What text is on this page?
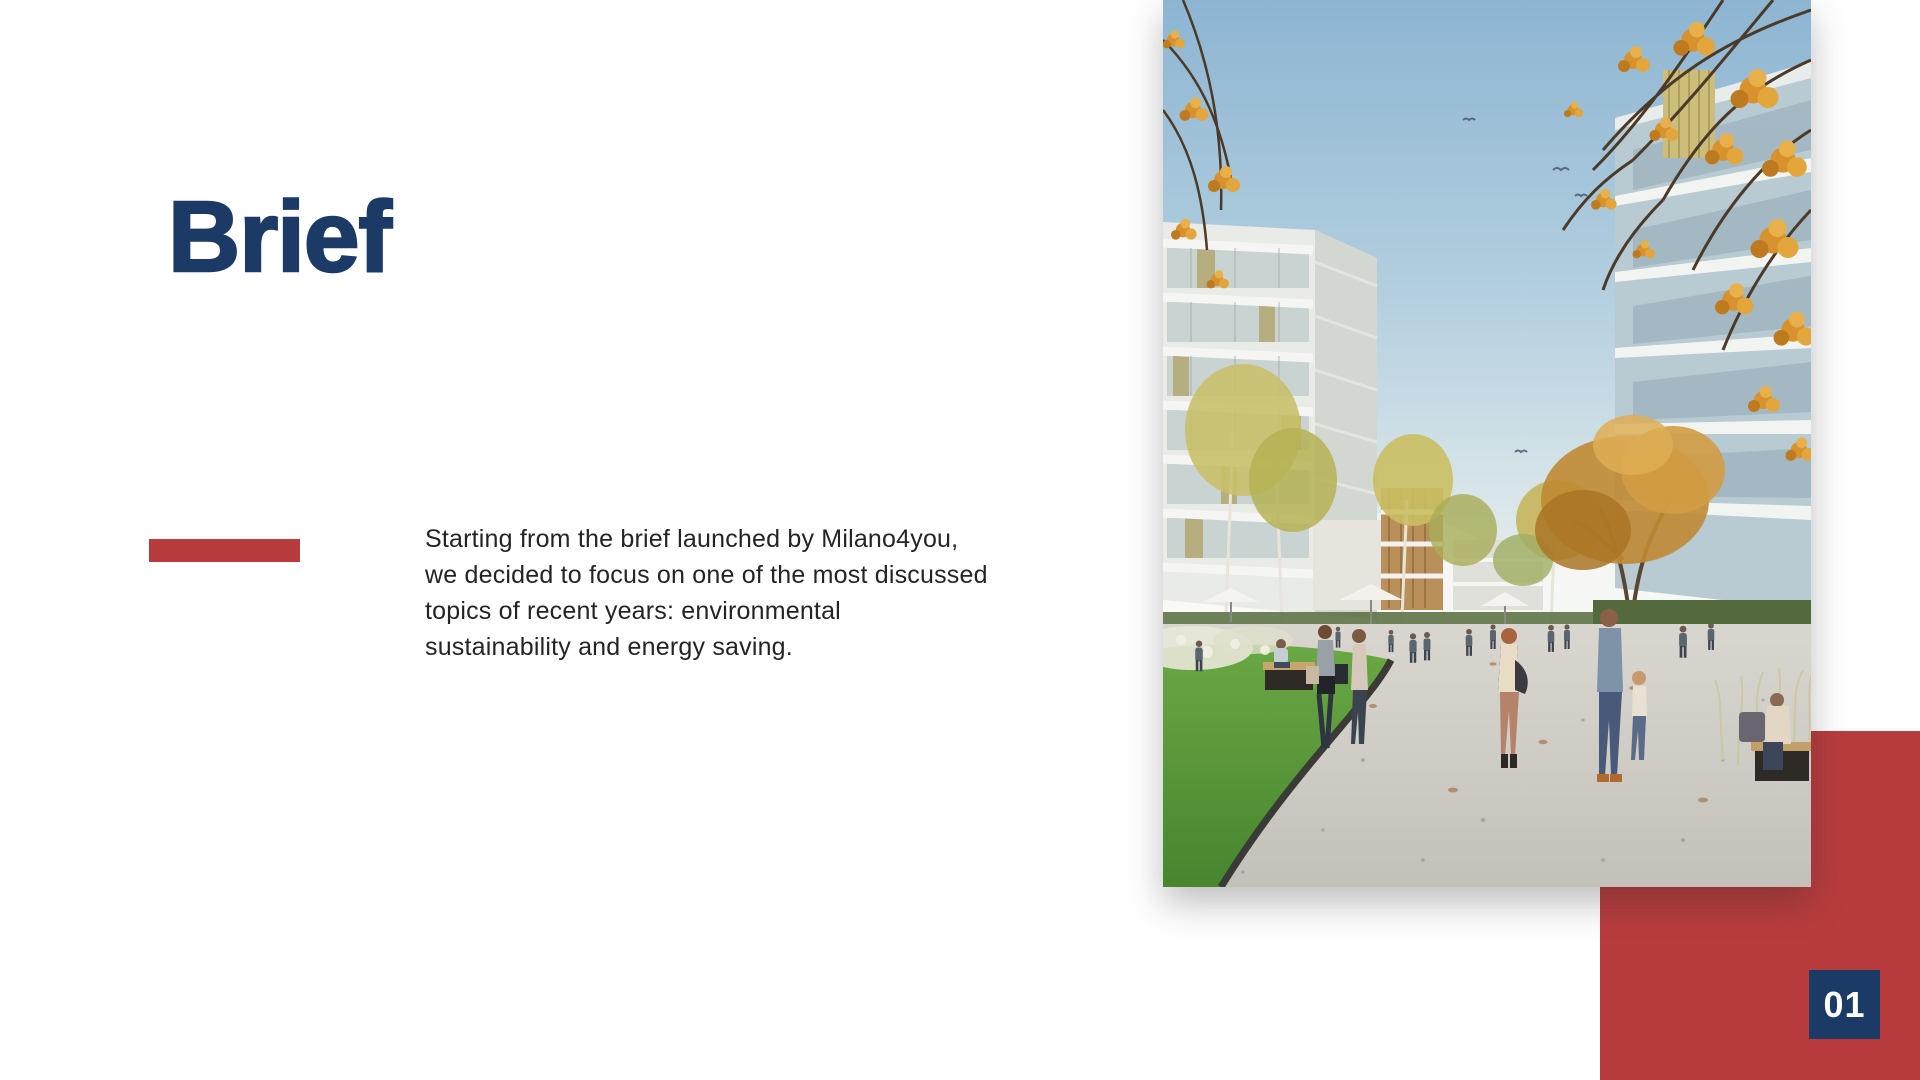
Brief
Starting from the brief launched by Milano4you,
we decided to focus on one of the most discussed
topics of recent years: environmental
sustainability and energy saving.
01
